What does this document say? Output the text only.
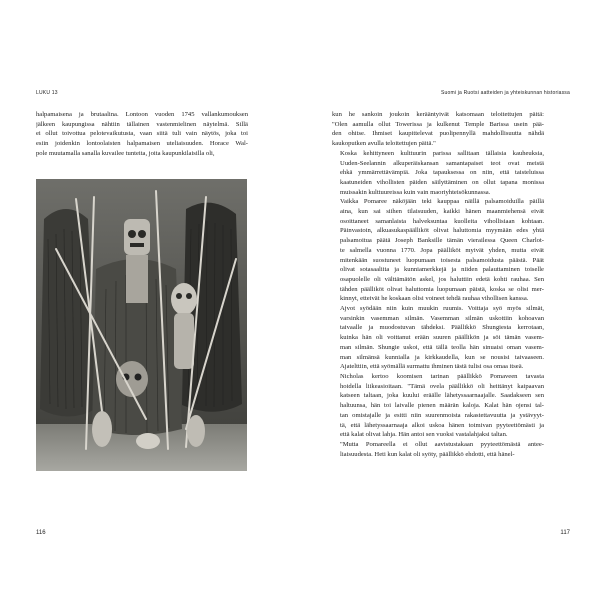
LUKU 13

halpamaisena ja brutaalina. Lontoon vuoden 1745 vallankumouksen
jälkeen kaupungissa nähtiin tällainen vastenmielinen näytelmä. Sillä
ei ollut toivottua pelotevaikutusta, vaan siitä tuli vain näytös, joka toi
esiin joidenkin lontoolaisten halpamaisen uteliaisuuden. Horace Wal-
pole muutamalla sanalla kuvailee tunteita, joita kaupunkilaisilla oli,

116
Suomi ja Ruotsi aatteiden ja yhteiskunnan historiassa

kun he sankoin joukoin kerääntyivät katsomaan teloitettujen päitä:
"Olen aamulla ollut Towerissa ja kulkenut Temple Barissa usein pää-
den ohitse. Ihmiset kaupittelevat puolipennyllä mahdollisuutta nähdä
kaukoputken avulla teloitettujen päitä."

Koska kehittyneen kulttuurin parissa sallitaan tällaisia kauheuksia,
Uuden-Seelannin alkuperäiskansan samantapaiset teot ovat meistä
ehkä ymmärrettävämpiä. Joka tapauksessa on niin, että taisteluissa
kaatuneiden vihollisten päiden säilyttäminen on ollut tapana monissa
muissakin kulttuureissa kuin vain maoriyhteisökunnassa.

Vaikka Pomaree näköjään teki kauppaa näillä palsamoiduilla päillä
aina, kun sai siihen tilaisuuden, kaikki hänen maanmiehensä eivät
osoittaneet samanlaista halveksuntaa kuolleita vihollisiaan kohtaan.
Päinvastoin, alkuasukaspäälliköt olivat haluttomia myymään edes yhtä
palsamoitua päätä Joseph Banksille tämän vierailessa Queen Charlot-
te salmella vuonna 1770. Jopa päälliköt myivät yhden, mutta eivät
mitenkään suostuneet luopumaan toisesta palsamoidusta päästä. Päät
olivat sotasaaliita ja kunniamerkkejä ja niiden palauttaminen toiselle
osapuolelle oli välttämätön askel, jos haluttiin edetä kohti rauhaa. Sen
tähden päälliköt olivat haluttomia luopumaan päistä, koska se olisi mer-
kinnyt, etteivät he koskaan olisi voineet tehdä rauhaa vihollisen kanssa.

Ajvot syödään niin kuin muukin ruumis. Voittaja syö myös silmät,
varsinkin vasemman silmän. Vasemman silmän uskottiin kohoavan
taivaalle ja muodostuvan tähdeksi. Päällikkö Shungiesta kerrotaan,
kuinka hän oli voittanut erään suuren päällikön ja söi tämän vasem-
man silmän. Shungie uskoi, että tällä teolla hän sinuaisi oman vasem-
man silmänsä kunnialla ja kirkkaudella, kun se nousisi taivaaseen.
Ajatelttiin, että syömällä surmattu ihminen tästä tulisi osa omaa itseä.

Nicholas kertoo koomisen tarinan päällikkö Pomaveen tavasta
hoidella liikeasioitaan. "Tämä ovela päällikkö oli heittänyt kaipaavan
katseen taltaan, joka kuului eräälle lähetyssaarnaajalle. Saadakseen sen
haltuunsa, hän toi laivalle pienen määrän kaloja. Kalat hän ojensi tal-
tan omistajalle ja esitti niin suurenmoista rakastettavuutta ja ystävyyt-
tä, että lähetyssaarnaaja alkoi uskoa hänen toimivan pyyteettömästi ja
että kalat olivat lahja. Hän antoi sen vuoksi vastalahjaksi taltan.

"Mutta Pomareella ei ollut aavistustakaan pyyteettömästä antee-
liaisuudesta. Heti kun kalat oli syöty, päällikkö ehdotti, että hänel-

117
